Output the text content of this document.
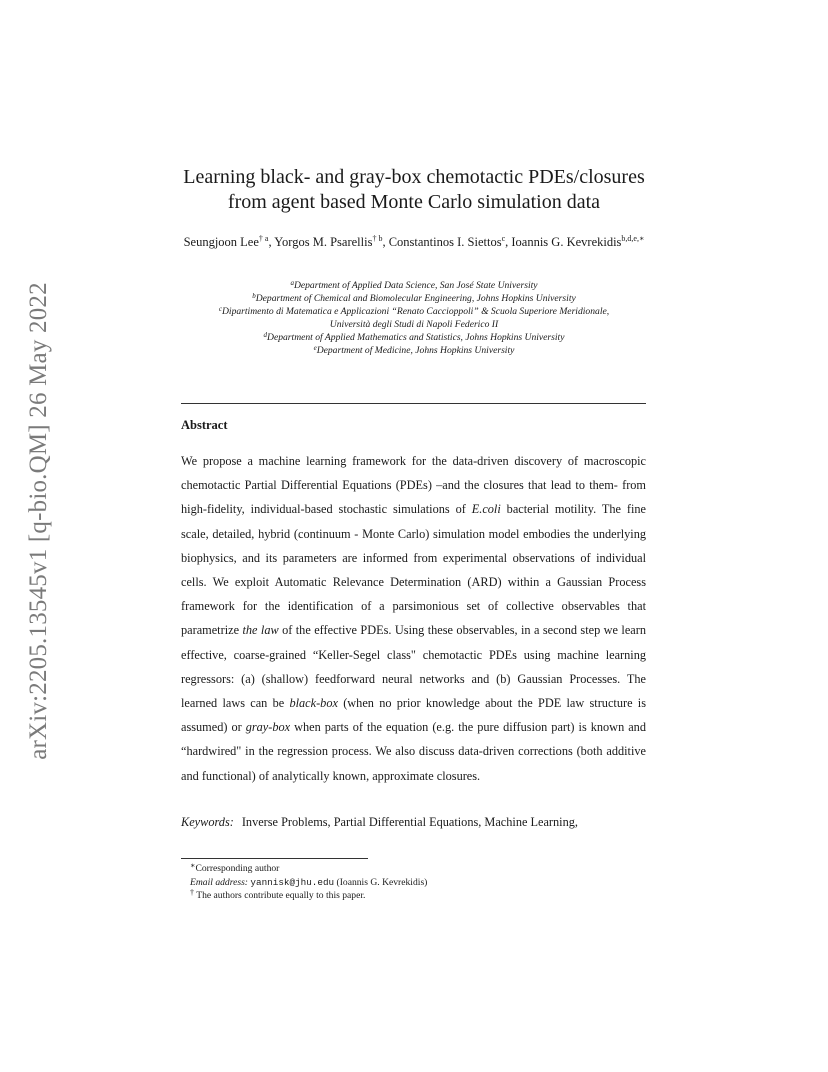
arXiv:2205.13545v1 [q-bio.QM] 26 May 2022
Learning black- and gray-box chemotactic PDEs/closures
from agent based Monte Carlo simulation data
Seungjoon Lee$^{\dagger a}$, Yorgos M. Psarellis$^{\dagger b}$, Constantinos I. Siettos$^c$, Ioannis G. Kevrekidis$^{b,d,e,∗}$
$^a$Department of Applied Data Science, San José State University
$^b$Department of Chemical and Biomolecular Engineering, Johns Hopkins University
$^c$Dipartimento di Matematica e Applicazioni “Renato Caccioppoli” & Scuola Superiore Meridionale,
Università degli Studi di Napoli Federico II
$^d$Department of Applied Mathematics and Statistics, Johns Hopkins University
$^e$Department of Medicine, Johns Hopkins University
Abstract
We propose a machine learning framework for the data-driven discovery of macroscopic chemotactic Partial Differential Equations (PDEs) –and the closures that lead to them- from high-fidelity, individual-based stochastic simulations of E.coli bacterial motility. The fine scale, detailed, hybrid (continuum - Monte Carlo) simulation model embodies the underlying biophysics, and its parameters are informed from experimental observations of individual cells. We exploit Automatic Relevance Determination (ARD) within a Gaussian Process framework for the identification of a parsimonious set of collective observables that parametrize the law of the effective PDEs. Using these observables, in a second step we learn effective, coarse-grained “Keller-Segel class" chemotactic PDEs using machine learning regressors: (a) (shallow) feedforward neural networks and (b) Gaussian Processes. The learned laws can be black-box (when no prior knowledge about the PDE law structure is assumed) or gray-box when parts of the equation (e.g. the pure diffusion part) is known and “hardwired" in the regression process. We also discuss data-driven corrections (both additive and functional) of analytically known, approximate closures.
Keywords: Inverse Problems, Partial Differential Equations, Machine Learning,
∗Corresponding author
Email address: yannisk@jhu.edu (Ioannis G. Kevrekidis)
† The authors contribute equally to this paper.
